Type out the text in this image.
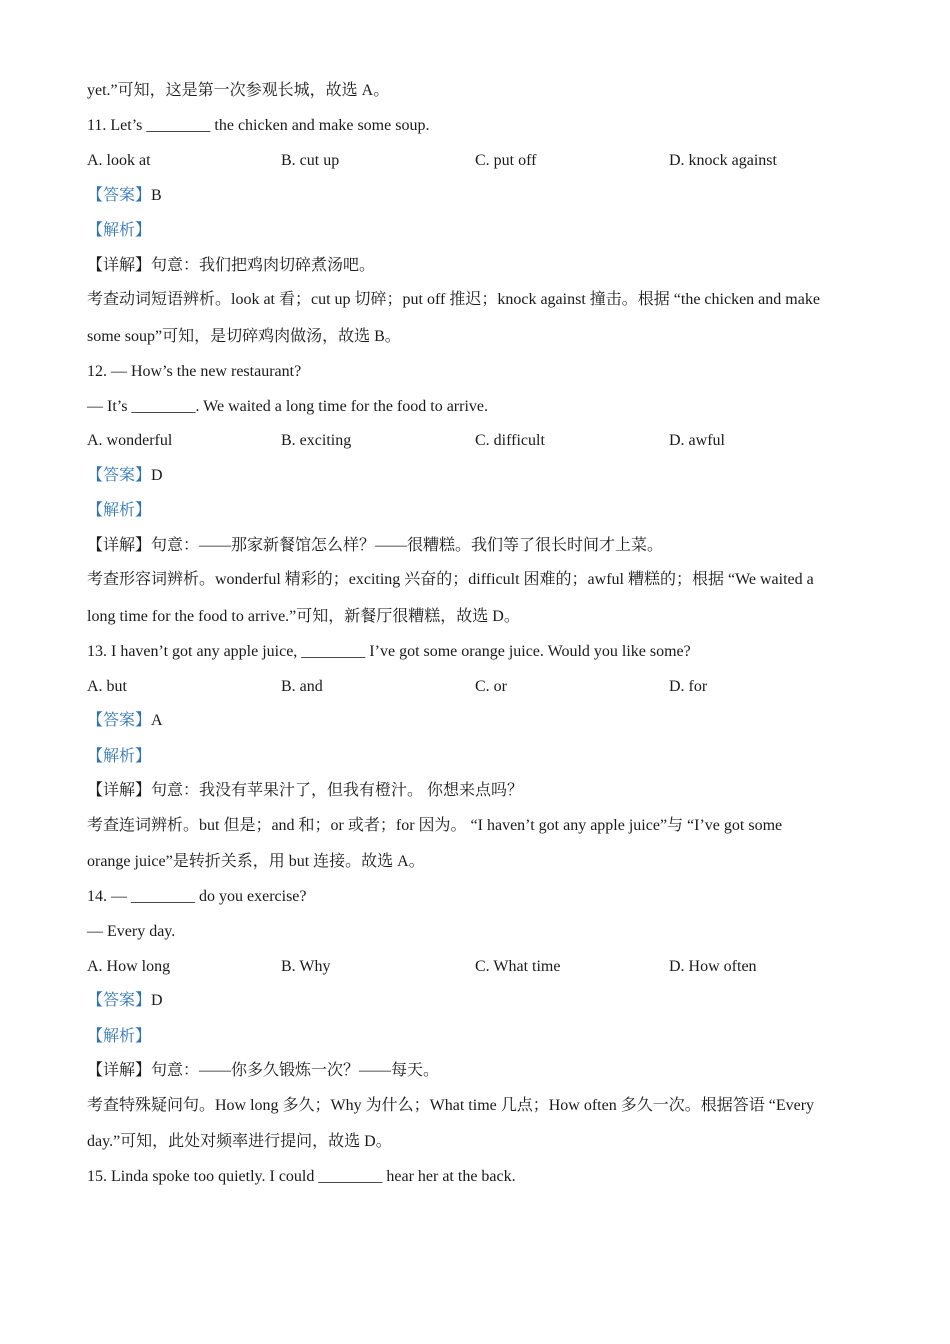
yet.”可知，这是第一次参观长城，故选 A。
11. Let’s ________ the chicken and make some soup.
A. look at	B. cut up	C. put off	D. knock against
【答案】B
【解析】
【详解】句意：我们把鸡肉切碎煮汤吧。
考查动词短语辨析。look at 看；cut up 切碎；put off 推迟；knock against 撞击。根据 “the chicken and make
some soup”可知，是切碎鸡肉做汤，故选 B。
12. — How’s the new restaurant?
— It’s ________. We waited a long time for the food to arrive.
A. wonderful	B. exciting	C. difficult	D. awful
【答案】D
【解析】
【详解】句意：——那家新餐馆怎么样？——很糟糕。我们等了很长时间才上菜。
考查形容词辨析。wonderful 精彩的；exciting 兴奋的；difficult 困难的；awful 糟糕的；根据 “We waited a
long time for the food to arrive.”可知，新餐厅很糟糕，故选 D。
13. I haven’t got any apple juice, ________ I’ve got some orange juice. Would you like some?
A. but	B. and	C. or	D. for
【答案】A
【解析】
【详解】句意：我没有苹果汁了，但我有橙汁。 你想来点吗？
考查连词辨析。but 但是；and 和；or 或者；for 因为。 “I haven’t got any apple juice”与 “I’ve got some
orange juice”是转折关系，用 but 连接。故选 A。
14. — ________ do you exercise?
— Every day.
A. How long	B. Why	C. What time	D. How often
【答案】D
【解析】
【详解】句意：——你多久锻炼一次？——每天。
考查特殊疑问句。How long 多久；Why 为什么；What time 几点；How often 多久一次。根据答语 “Every
day.”可知，此处对频率进行提问，故选 D。
15. Linda spoke too quietly. I could ________ hear her at the back.
